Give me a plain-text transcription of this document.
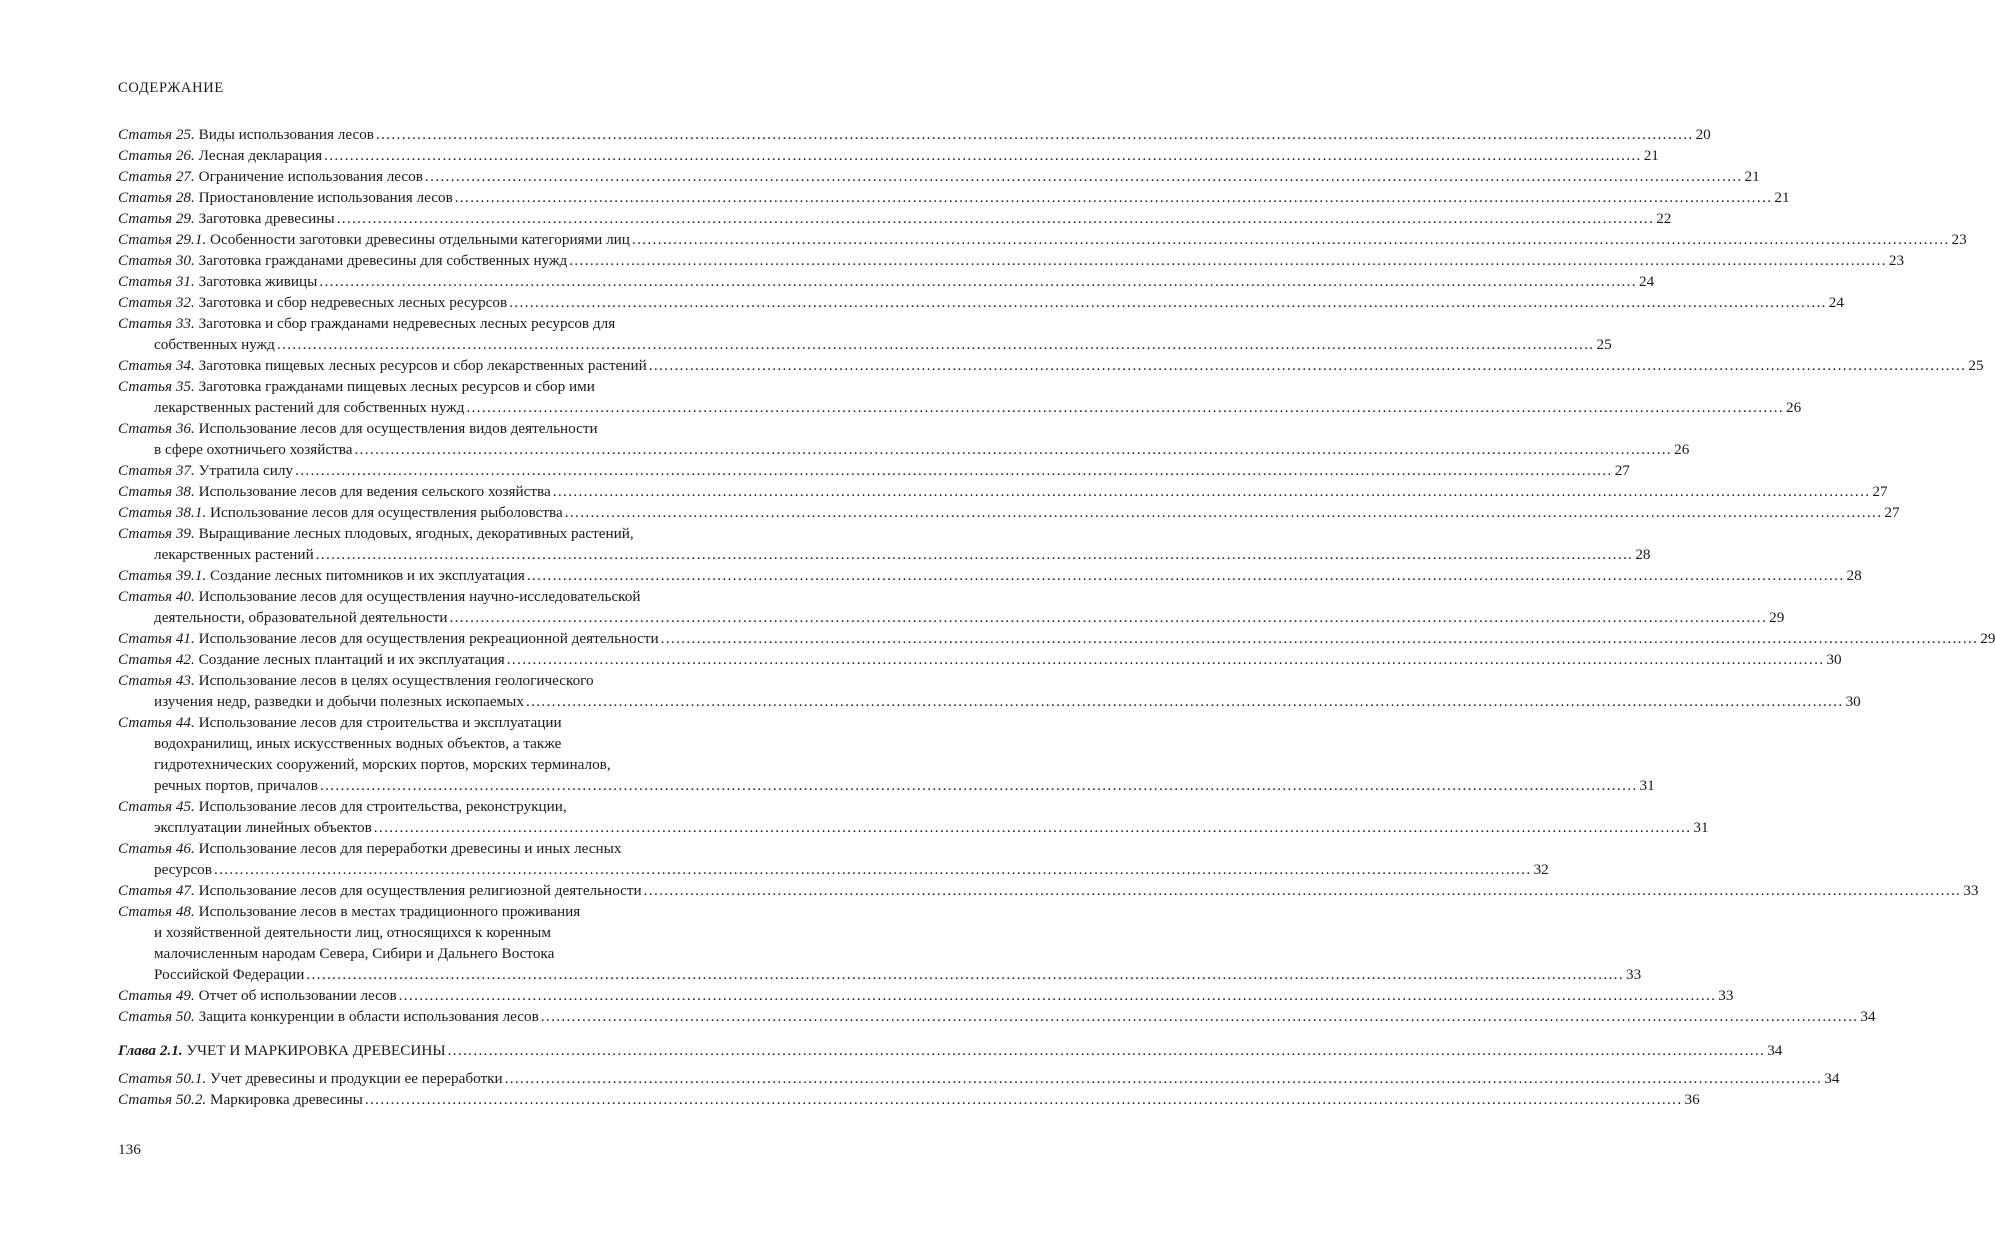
СОДЕРЖАНИЕ
Статья 25. Виды использования лесов .....	20
Статья 26. Лесная декларация .....	21
Статья 27. Ограничение использования лесов .....	21
Статья 28. Приостановление использования лесов .....	21
Статья 29. Заготовка древесины .....	22
Статья 29.1. Особенности заготовки древесины отдельными категориями лиц .....	23
Статья 30. Заготовка гражданами древесины для собственных нужд .....	23
Статья 31. Заготовка живицы .....	24
Статья 32. Заготовка и сбор недревесных лесных ресурсов .....	24
Статья 33. Заготовка и сбор гражданами недревесных лесных ресурсов для
собственных нужд .....	25
Статья 34. Заготовка пищевых лесных ресурсов и сбор лекарственных растений .....	25
Статья 35. Заготовка гражданами пищевых лесных ресурсов и сбор ими
лекарственных растений для собственных нужд .....	26
Статья 36. Использование лесов для осуществления видов деятельности
в сфере охотничьего хозяйства .....	26
Статья 37. Утратила силу .....	27
Статья 38. Использование лесов для ведения сельского хозяйства .....	27
Статья 38.1. Использование лесов для осуществления рыболовства .....	27
Статья 39. Выращивание лесных плодовых, ягодных, декоративных растений,
лекарственных растений .....	28
Статья 39.1. Создание лесных питомников и их эксплуатация .....	28
Статья 40. Использование лесов для осуществления научно-исследовательской
деятельности, образовательной деятельности .....	29
Статья 41. Использование лесов для осуществления рекреационной деятельности .....	29
Статья 42. Создание лесных плантаций и их эксплуатация .....	30
Статья 43. Использование лесов в целях осуществления геологического
изучения недр, разведки и добычи полезных ископаемых .....	30
Статья 44. Использование лесов для строительства и эксплуатации
водохранилищ, иных искусственных водных объектов, а также
гидротехнических сооружений, морских портов, морских терминалов,
речных портов, причалов .....	31
Статья 45. Использование лесов для строительства, реконструкции,
эксплуатации линейных объектов .....	31
Статья 46. Использование лесов для переработки древесины и иных лесных
ресурсов .....	32
Статья 47. Использование лесов для осуществления религиозной деятельности .....	33
Статья 48. Использование лесов в местах традиционного проживания
и хозяйственной деятельности лиц, относящихся к коренным
малочисленным народам Севера, Сибири и Дальнего Востока
Российской Федерации .....	33
Статья 49. Отчет об использовании лесов .....	33
Статья 50. Защита конкуренции в области использования лесов .....	34
Глава 2.1. УЧЕТ И МАРКИРОВКА ДРЕВЕСИНЫ .....	34
Статья 50.1. Учет древесины и продукции ее переработки .....	34
Статья 50.2. Маркировка древесины .....	36
136
